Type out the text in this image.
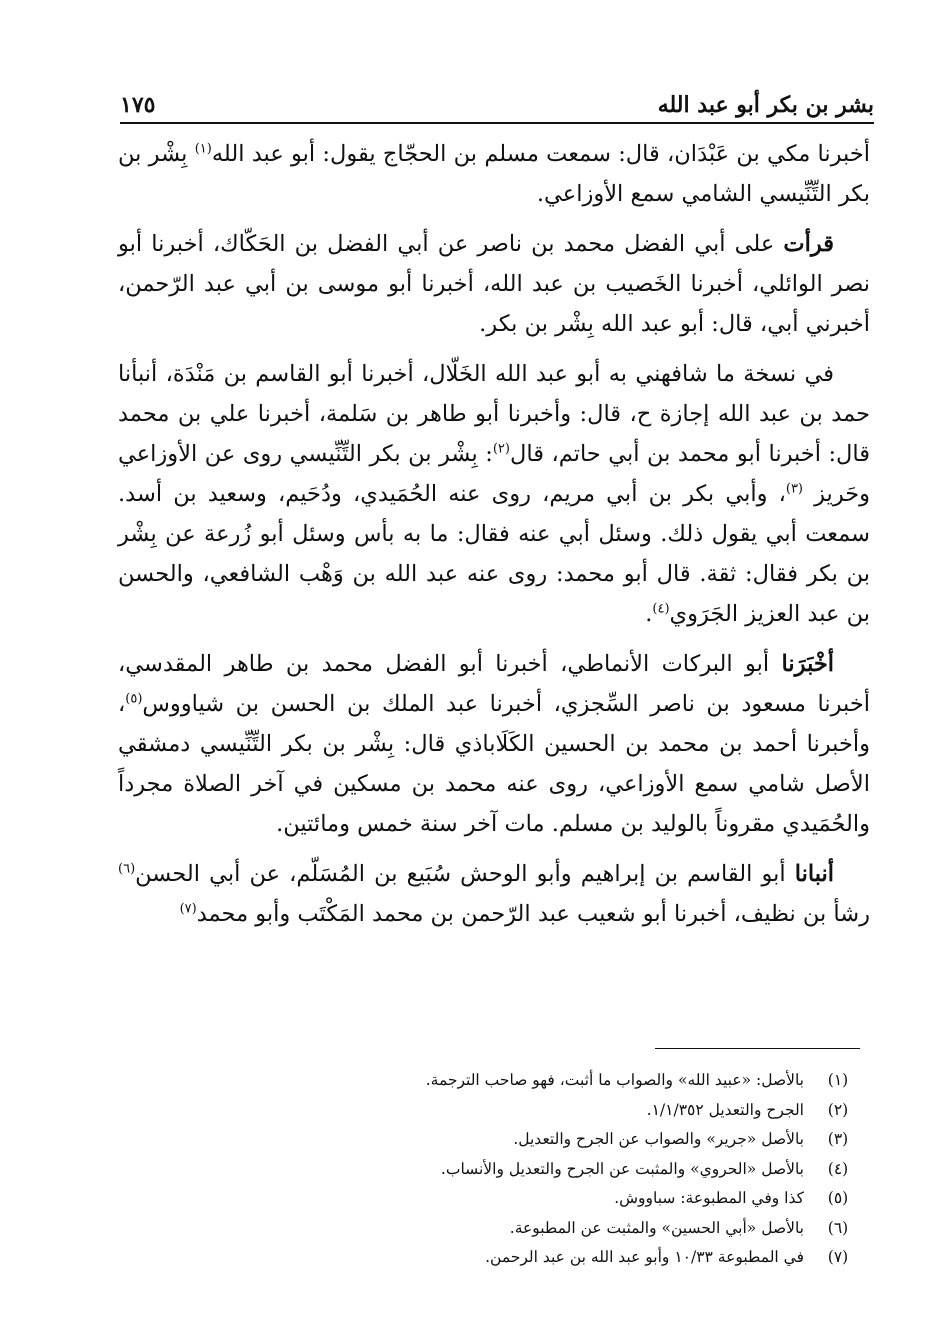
بشر بن بكر أبو عبد الله
١٧٥

أخبرنا مكي بن عَبْدَان، قال: سمعت مسلم بن الحجّاج يقول: أبو عبد الله$^{(١)}$ بِشْر بن بكر التِّنِّيسي الشامي سمع الأوزاعي.

قرأت على أبي الفضل محمد بن ناصر عن أبي الفضل بن الحَكّاك، أخبرنا أبو نصر الوائلي، أخبرنا الخَصيب بن عبد الله، أخبرنا أبو موسى بن أبي عبد الرّحمن، أخبرني أبي، قال: أبو عبد الله بِشْر بن بكر.

في نسخة ما شافهني به أبو عبد الله الخَلّال، أخبرنا أبو القاسم بن مَنْدَة، أنبأنا حمد بن عبد الله إجازة ح، قال: وأخبرنا أبو طاهر بن سَلمة، أخبرنا علي بن محمد قال: أخبرنا أبو محمد بن أبي حاتم، قال$^{(٢)}$: بِشْر بن بكر التِّنِّيسي روى عن الأوزاعي وحَريز $^{(٣)}$، وأبي بكر بن أبي مريم، روى عنه الحُمَيدي، ودُحَيم، وسعيد بن أسد. سمعت أبي يقول ذلك. وسئل أبي عنه فقال: ما به بأس وسئل أبو زُرعة عن بِشْر بن بكر فقال: ثقة. قال أبو محمد: روى عنه عبد الله بن وَهْب الشافعي، والحسن بن عبد العزيز الجَرَوي$^{(٤)}$.

أخْبَرَنا أبو البركات الأنماطي، أخبرنا أبو الفضل محمد بن طاهر المقدسي، أخبرنا مسعود بن ناصر السِّجزي، أخبرنا عبد الملك بن الحسن بن شياووس$^{(٥)}$، وأخبرنا أحمد بن محمد بن الحسين الكَلَاباذي قال: بِشْر بن بكر التِّنِّيسي دمشقي الأصل شامي سمع الأوزاعي، روى عنه محمد بن مسكين في آخر الصلاة مجرداً والحُمَيدي مقروناً بالوليد بن مسلم. مات آخر سنة خمس ومائتين.

أنبانا أبو القاسم بن إبراهيم وأبو الوحش سُبَيع بن المُسَلّم، عن أبي الحسن$^{(٦)}$ رشأ بن نظيف، أخبرنا أبو شعيب عبد الرّحمن بن محمد المَكْتَب وأبو محمد$^{(٧)}$

(١)
بالأصل: «عبيد الله» والصواب ما أثبت، فهو صاحب الترجمة.
(٢)
الجرح والتعديل ١/١/٣٥٢.
(٣)
بالأصل «جرير» والصواب عن الجرح والتعديل.
(٤)
بالأصل «الحروي» والمثبت عن الجرح والتعديل والأنساب.
(٥)
كذا وفي المطبوعة: سباووش.
(٦)
بالأصل «أبي الحسين» والمثبت عن المطبوعة.
(٧)
في المطبوعة ١٠/٣٣ وأبو عبد الله بن عبد الرحمن.
